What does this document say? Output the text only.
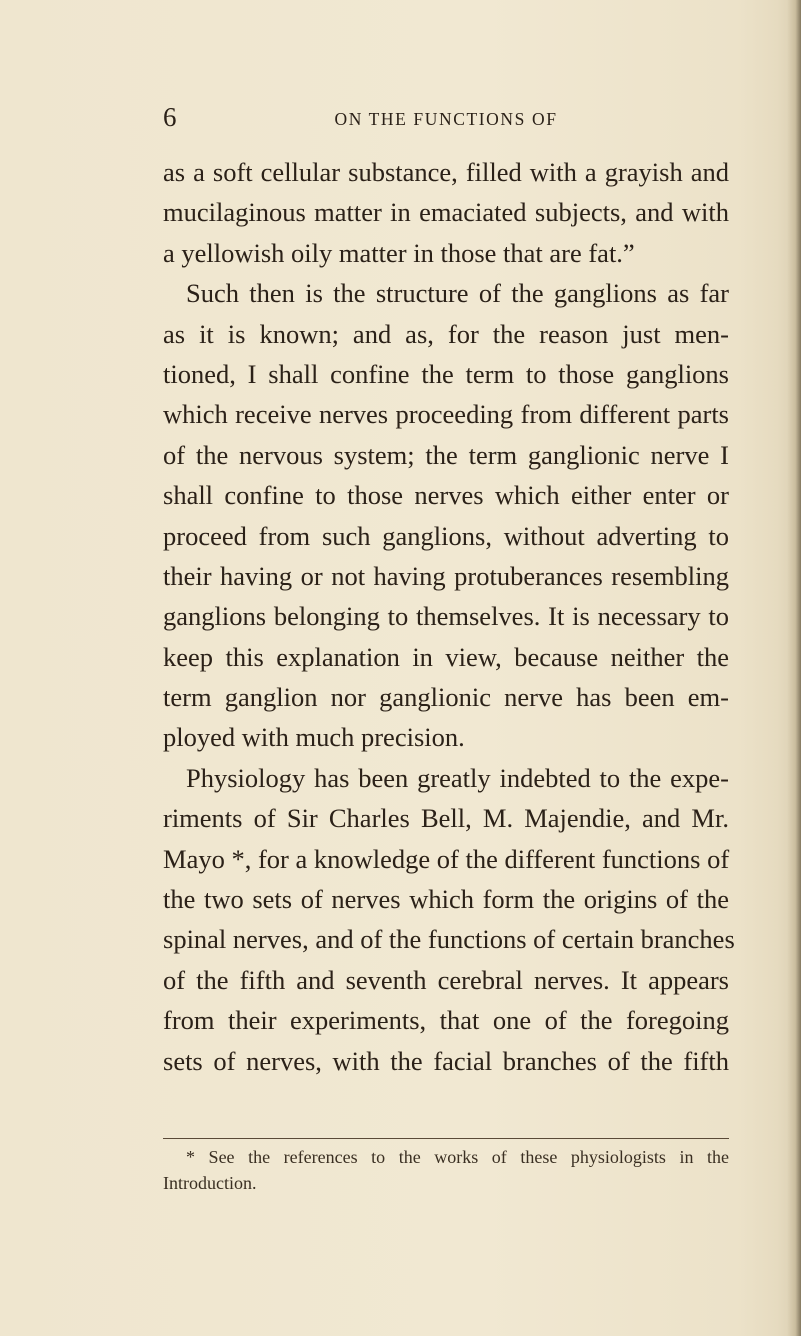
6	ON THE FUNCTIONS OF
as a soft cellular substance, filled with a grayish and
mucilaginous matter in emaciated subjects, and with
a yellowish oily matter in those that are fat.”
Such then is the structure of the ganglions as far
as it is known; and as, for the reason just men-
tioned, I shall confine the term to those ganglions
which receive nerves proceeding from different parts
of the nervous system; the term ganglionic nerve I
shall confine to those nerves which either enter or
proceed from such ganglions, without adverting to
their having or not having protuberances resembling
ganglions belonging to themselves. It is necessary to
keep this explanation in view, because neither the
term ganglion nor ganglionic nerve has been em-
ployed with much precision.
Physiology has been greatly indebted to the expe-
riments of Sir Charles Bell, M. Majendie, and Mr.
Mayo *, for a knowledge of the different functions of
the two sets of nerves which form the origins of the
spinal nerves, and of the functions of certain branches
of the fifth and seventh cerebral nerves. It appears
from their experiments, that one of the foregoing
sets of nerves, with the facial branches of the fifth
* See the references to the works of these physiologists in the
Introduction.
